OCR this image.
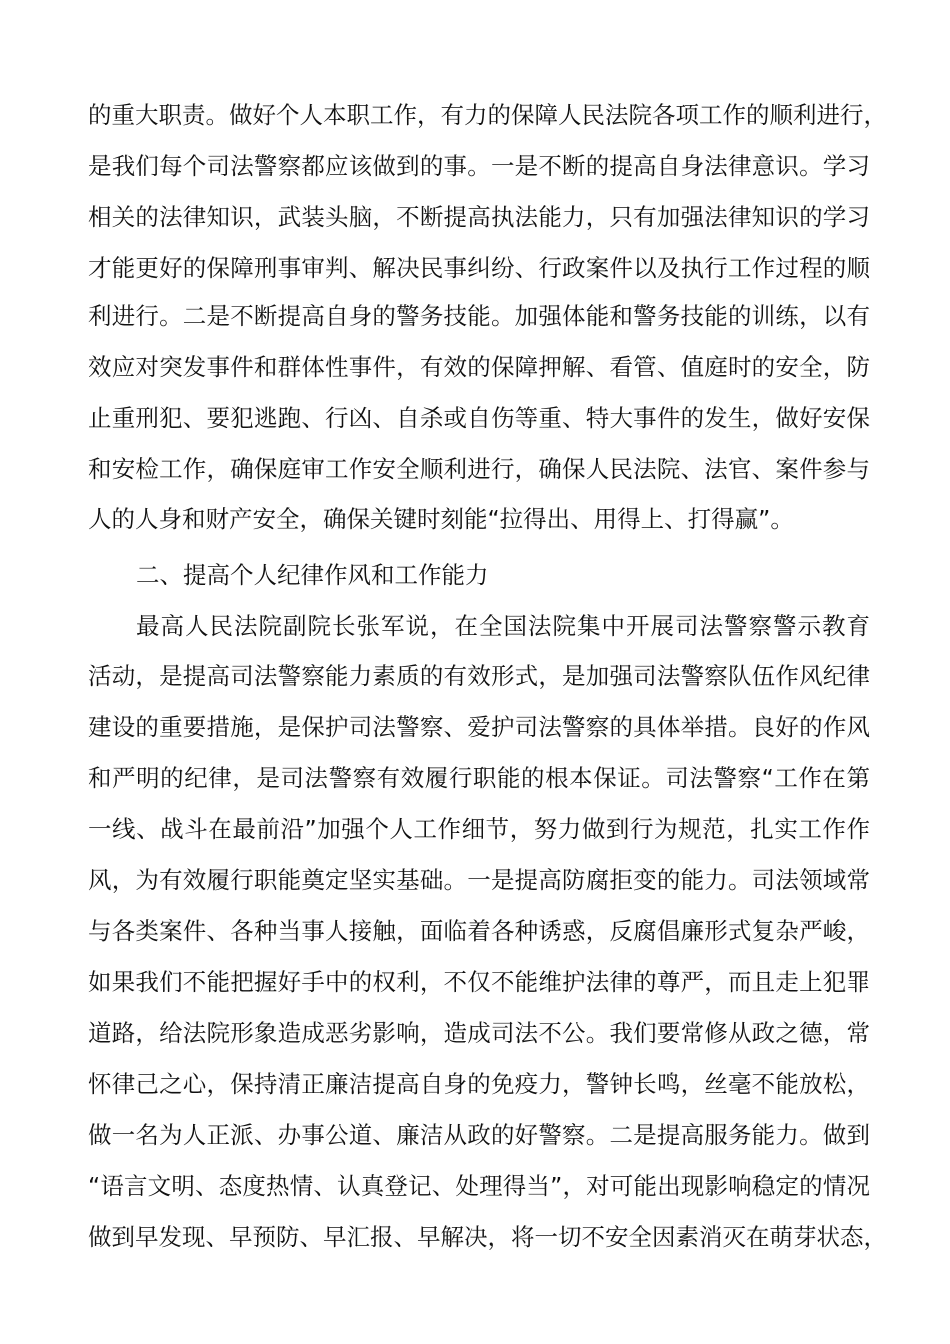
的重大职责。做好个人本职工作，有力的保障人民法院各项工作的顺利进行，
是我们每个司法警察都应该做到的事。一是不断的提高自身法律意识。学习
相关的法律知识，武装头脑，不断提高执法能力，只有加强法律知识的学习
才能更好的保障刑事审判、解决民事纠纷、行政案件以及执行工作过程的顺
利进行。二是不断提高自身的警务技能。加强体能和警务技能的训练，以有
效应对突发事件和群体性事件，有效的保障押解、看管、值庭时的安全，防
止重刑犯、要犯逃跑、行凶、自杀或自伤等重、特大事件的发生，做好安保
和安检工作，确保庭审工作安全顺利进行，确保人民法院、法官、案件参与
人的人身和财产安全，确保关键时刻能“拉得出、用得上、打得赢”。
二、提高个人纪律作风和工作能力
最高人民法院副院长张军说，在全国法院集中开展司法警察警示教育
活动，是提高司法警察能力素质的有效形式，是加强司法警察队伍作风纪律
建设的重要措施，是保护司法警察、爱护司法警察的具体举措。良好的作风
和严明的纪律，是司法警察有效履行职能的根本保证。司法警察“工作在第
一线、战斗在最前沿”加强个人工作细节，努力做到行为规范，扎实工作作
风，为有效履行职能奠定坚实基础。一是提高防腐拒变的能力。司法领域常
与各类案件、各种当事人接触，面临着各种诱惑，反腐倡廉形式复杂严峻，
如果我们不能把握好手中的权利，不仅不能维护法律的尊严，而且走上犯罪
道路，给法院形象造成恶劣影响，造成司法不公。我们要常修从政之德，常
怀律己之心，保持清正廉洁提高自身的免疫力，警钟长鸣，丝毫不能放松，
做一名为人正派、办事公道、廉洁从政的好警察。二是提高服务能力。做到
“语言文明、态度热情、认真登记、处理得当”，对可能出现影响稳定的情况
做到早发现、早预防、早汇报、早解决，将一切不安全因素消灭在萌芽状态，
